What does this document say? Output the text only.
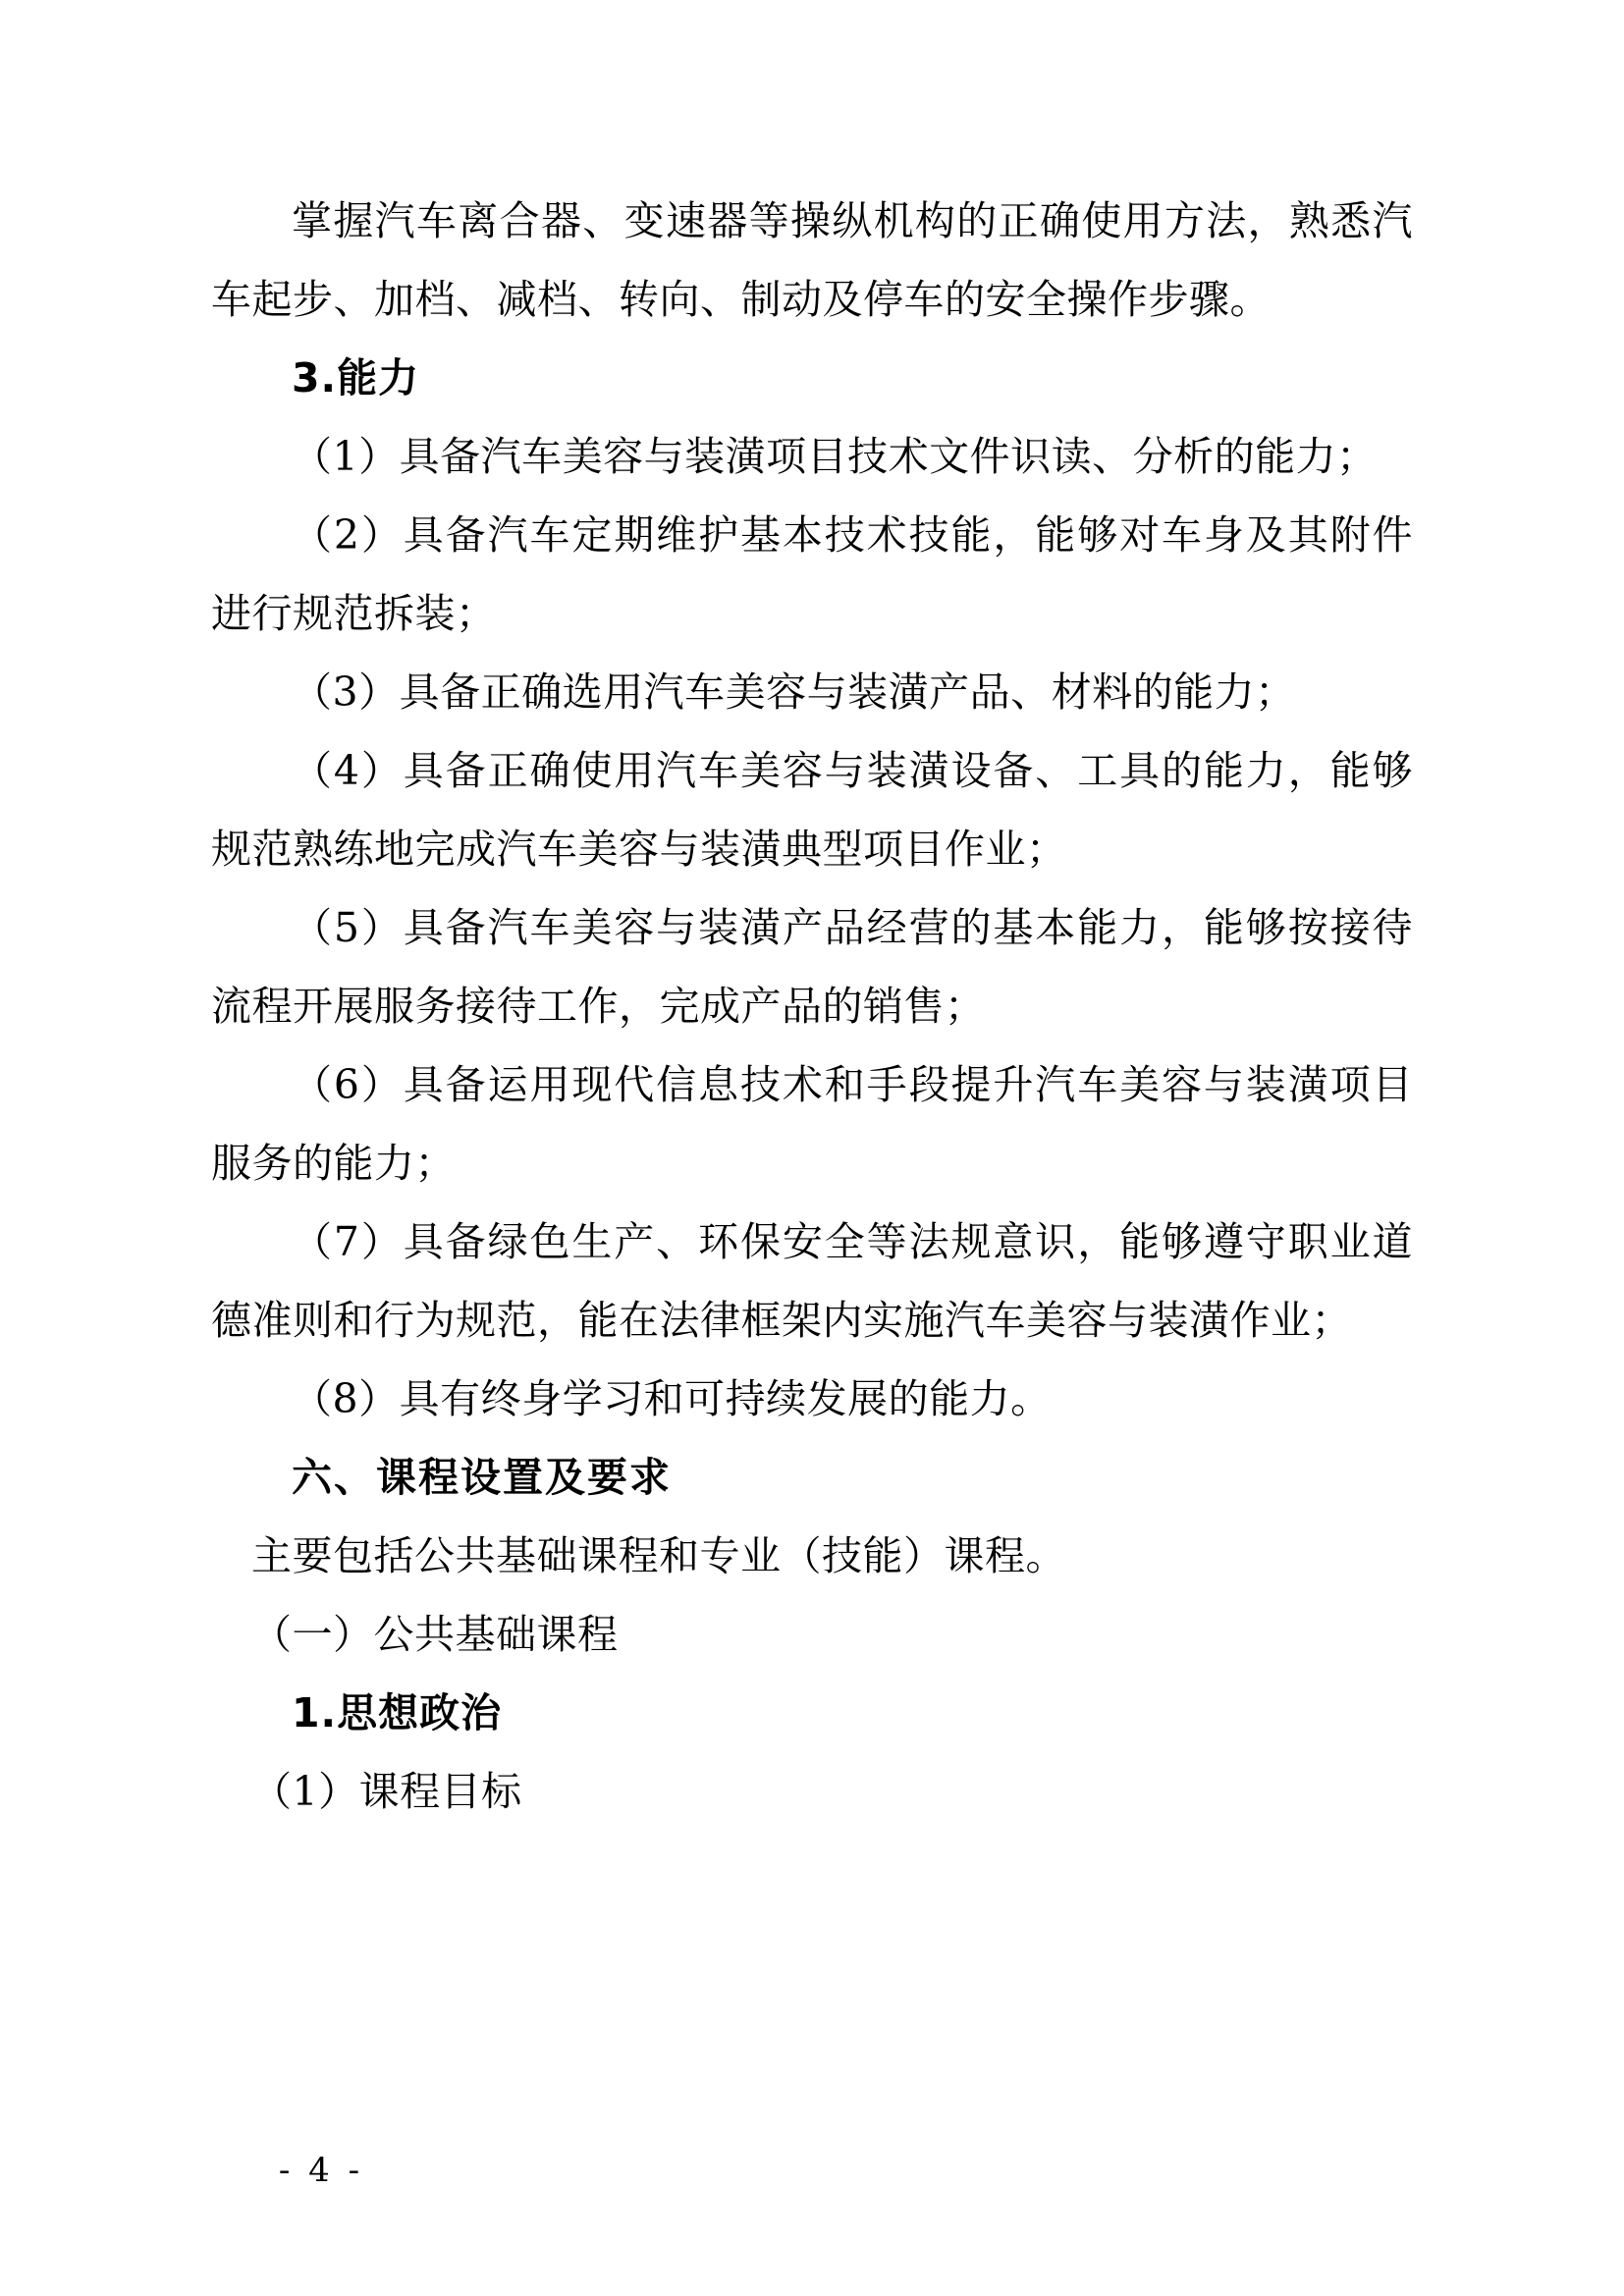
掌握汽车离合器、变速器等操纵机构的正确使用方法，熟悉汽车起步、加档、减档、转向、制动及停车的安全操作步骤。

3.能力

（1）具备汽车美容与装潢项目技术文件识读、分析的能力；

（2）具备汽车定期维护基本技术技能，能够对车身及其附件进行规范拆装；

（3）具备正确选用汽车美容与装潢产品、材料的能力；

（4）具备正确使用汽车美容与装潢设备、工具的能力，能够规范熟练地完成汽车美容与装潢典型项目作业；

（5）具备汽车美容与装潢产品经营的基本能力，能够按接待流程开展服务接待工作，完成产品的销售；

（6）具备运用现代信息技术和手段提升汽车美容与装潢项目服务的能力；

（7）具备绿色生产、环保安全等法规意识，能够遵守职业道德准则和行为规范，能在法律框架内实施汽车美容与装潢作业；

（8）具有终身学习和可持续发展的能力。

六、课程设置及要求

主要包括公共基础课程和专业（技能）课程。

（一）公共基础课程

1.思想政治

（1）课程目标

- 4 -
